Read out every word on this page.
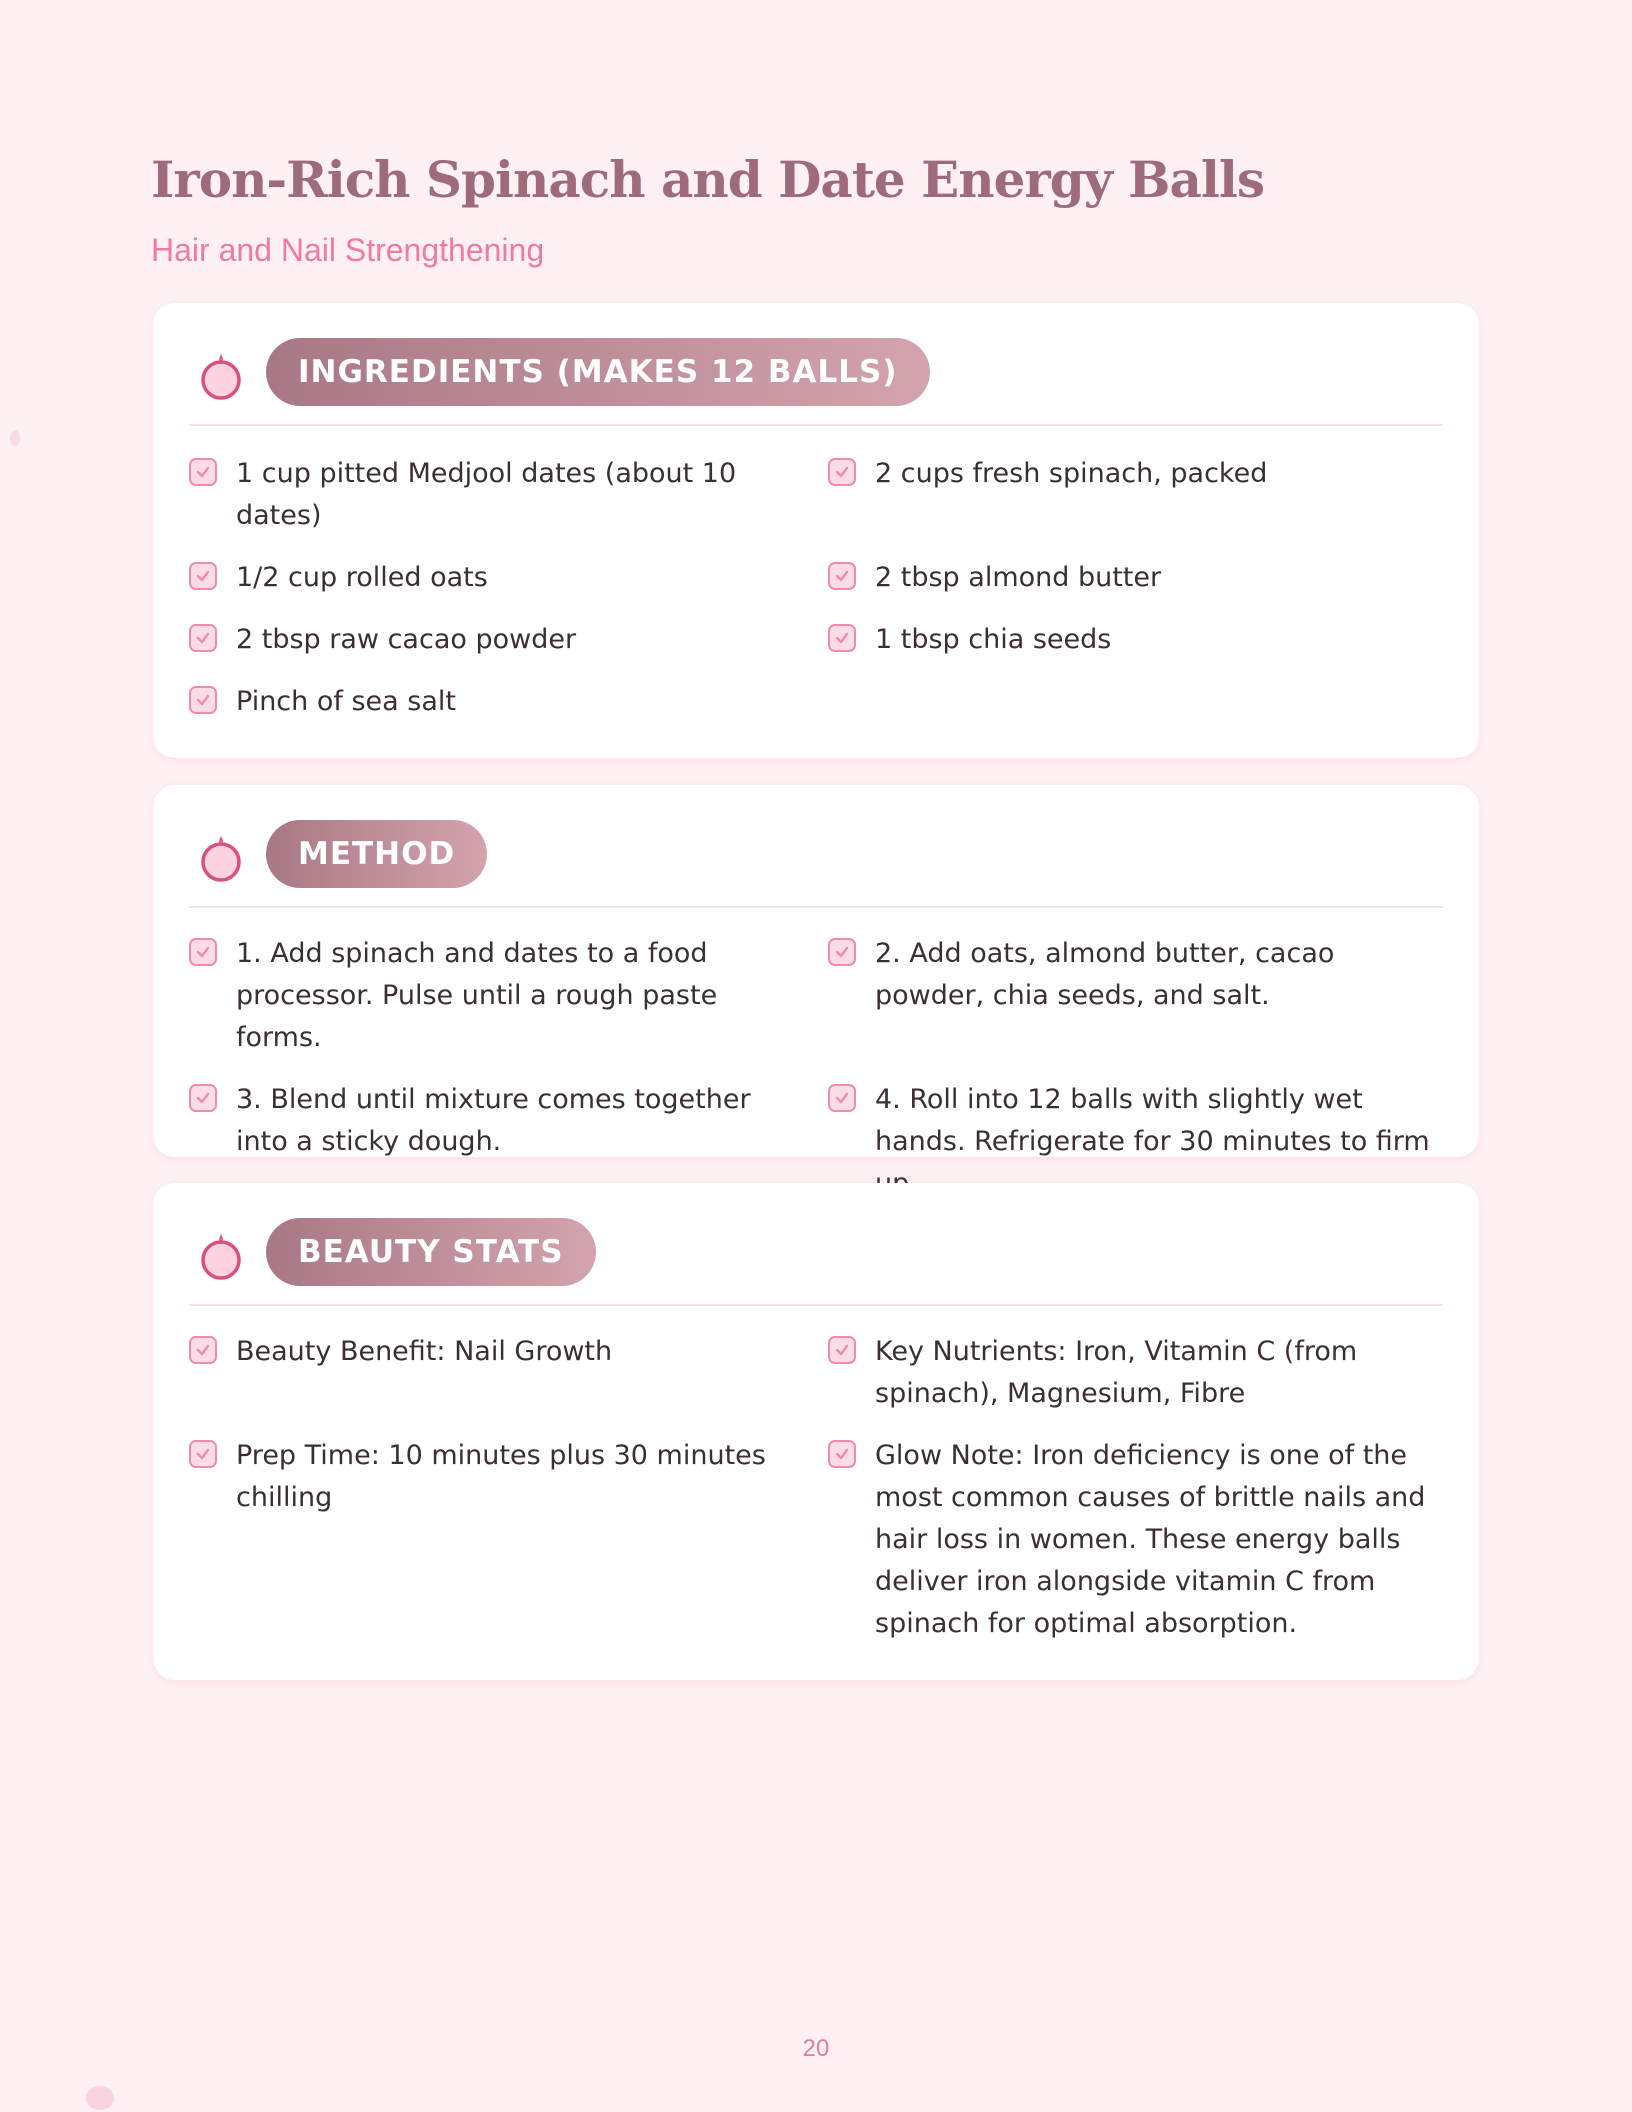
Iron-Rich Spinach and Date Energy Balls

Hair and Nail Strengthening

INGREDIENTS (MAKES 12 BALLS)
1 cup pitted Medjool dates (about 10 dates)
2 cups fresh spinach, packed
1/2 cup rolled oats	2 tbsp almond butter
2 tbsp raw cacao powder	1 tbsp chia seeds
Pinch of sea salt
METHOD
1. Add spinach and dates to a food processor. Pulse until a rough paste forms.
2. Add oats, almond butter, cacao powder, chia seeds, and salt.
3. Blend until mixture comes together into a sticky dough.
4. Roll into 12 balls with slightly wet hands. Refrigerate for 30 minutes to firm
BEAUTY STATS
Beauty Benefit: Nail Growth	Key Nutrients: Iron, Vitamin C (from spinach), Magnesium, Fibre
Prep Time: 10 minutes plus 30 minutes chilling
Glow Note: Iron deficiency is one of the most common causes of brittle nails and hair loss in women. These energy balls deliver iron alongside vitamin C from spinach for optimal absorption.
20
